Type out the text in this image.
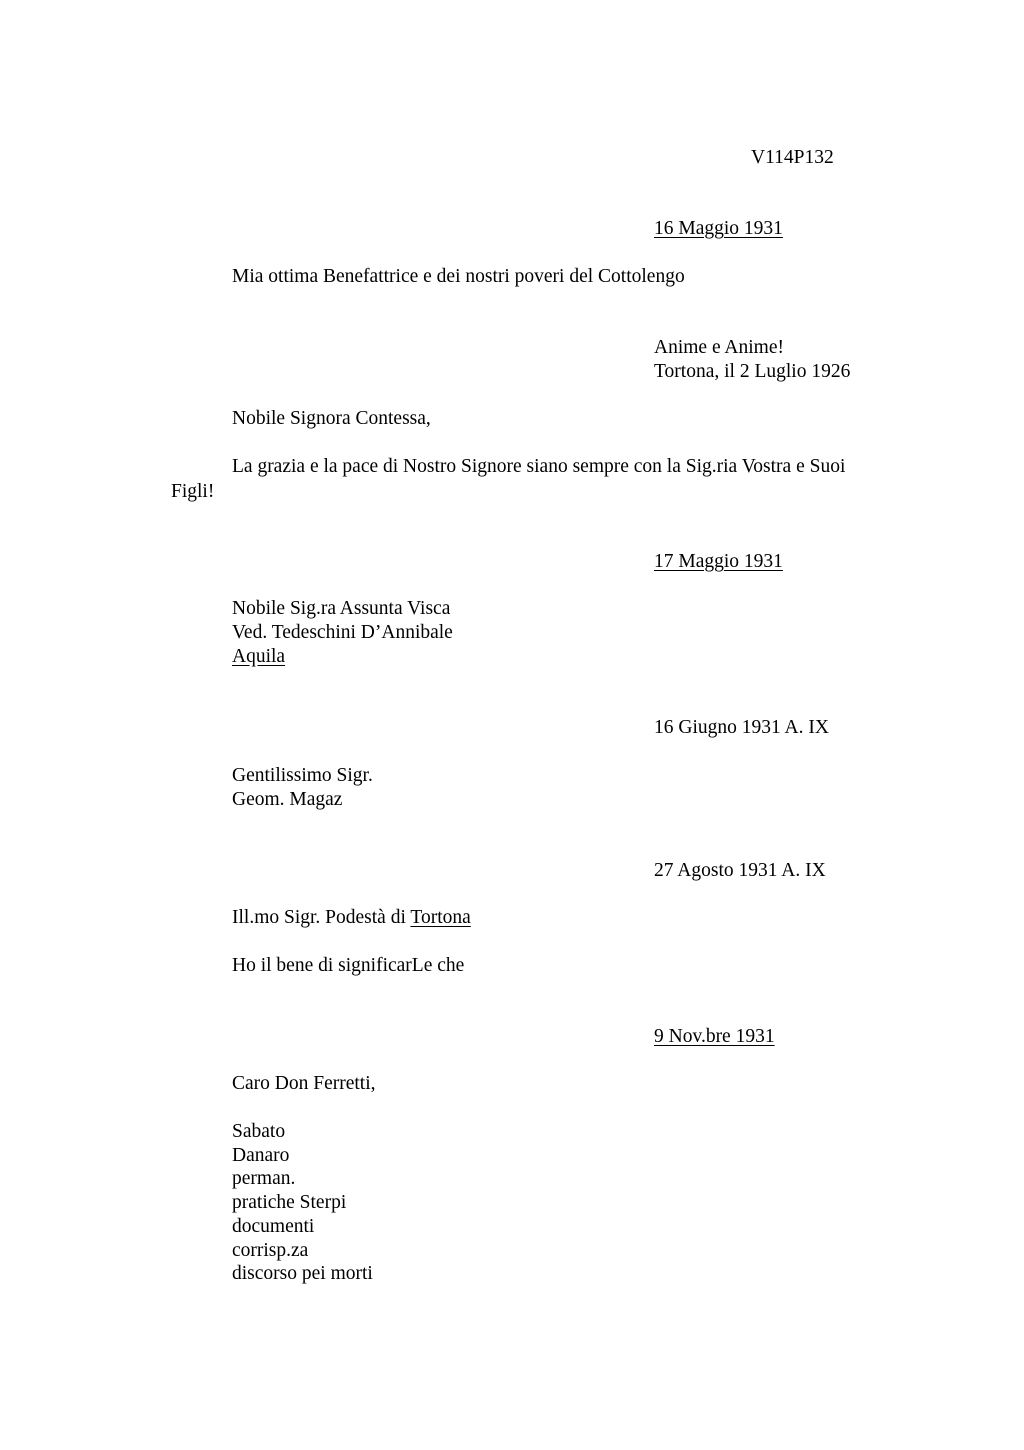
V114P132
16 Maggio 1931
Mia ottima Benefattrice e dei nostri poveri del Cottolengo
Anime e Anime!
Tortona, il 2 Luglio 1926
Nobile Signora Contessa,
La grazia e la pace di Nostro Signore siano sempre con la Sig.ria Vostra e Suoi
Figli!
17 Maggio 1931
Nobile Sig.ra Assunta Visca
Ved. Tedeschini D’Annibale
Aquila
16 Giugno 1931 A. IX
Gentilissimo Sigr.
Geom. Magaz
27 Agosto 1931 A. IX
Ill.mo Sigr. Podestà di Tortona
Ho il bene di significarLe che
9 Nov.bre 1931
Caro Don Ferretti,
Sabato
Danaro
perman.
pratiche Sterpi
documenti
corrisp.za
discorso pei morti
